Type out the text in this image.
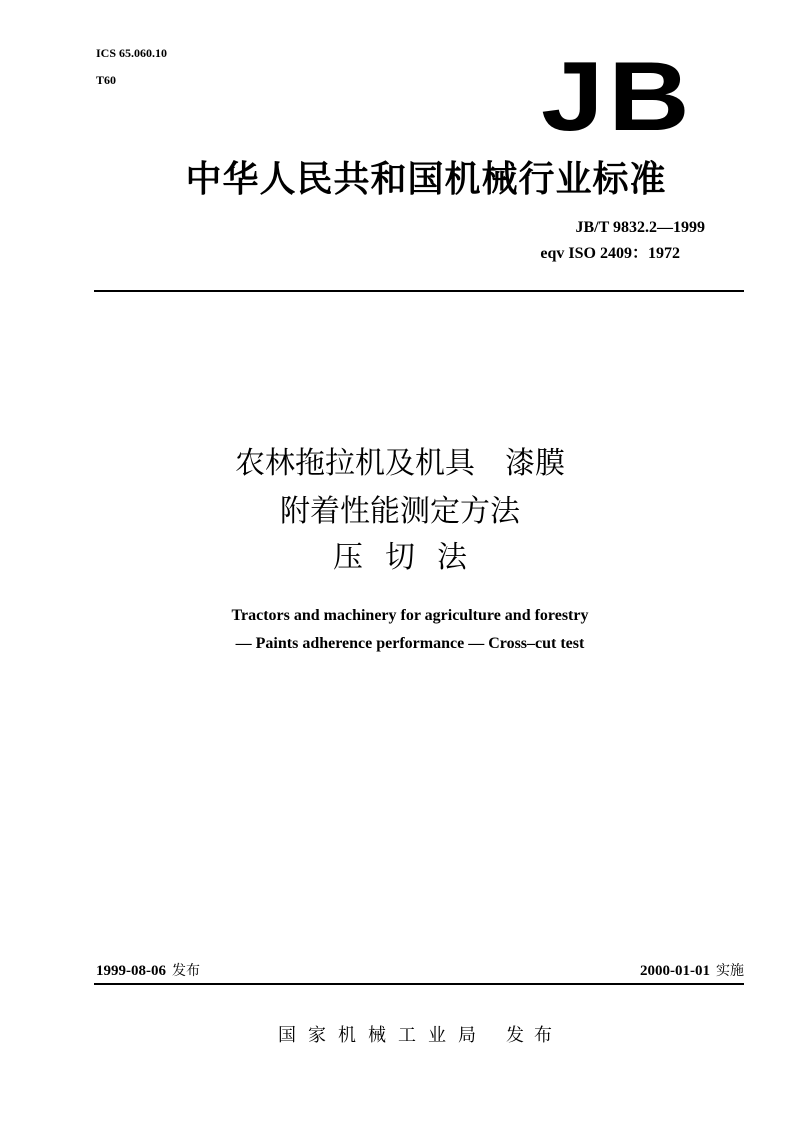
ICS 65.060.10
T60	JB
中华人民共和国机械行业标准
JB/T 9832.2—1999
eqv ISO 2409：1972
农林拖拉机及机具　漆膜
附着性能测定方法
压切法
Tractors and machinery for agriculture and forestry
— Paints adherence performance — Cross–cut test
1999-08-06 发布	2000-01-01 实施
国家机械工业局 发布
